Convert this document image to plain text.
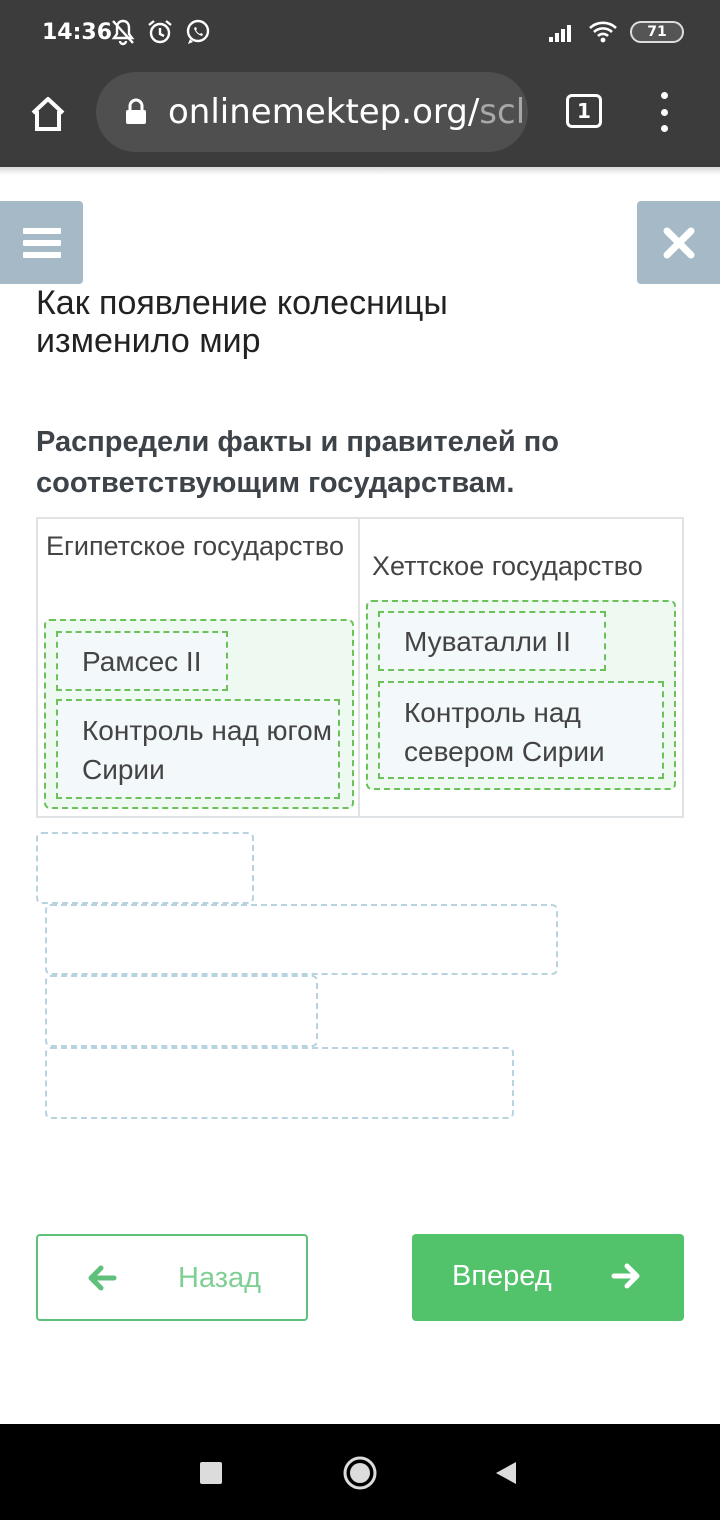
14:36	71
onlinemektep.org/scl	1
Как появление колесницы изменило мир
Распредели факты и правителей по соответствующим государствам.
Египетское государство
Рамсес II
Контроль над югом Сирии
Хеттское государство
Муваталли II
Контроль над севером Сирии
Назад	Вперед
